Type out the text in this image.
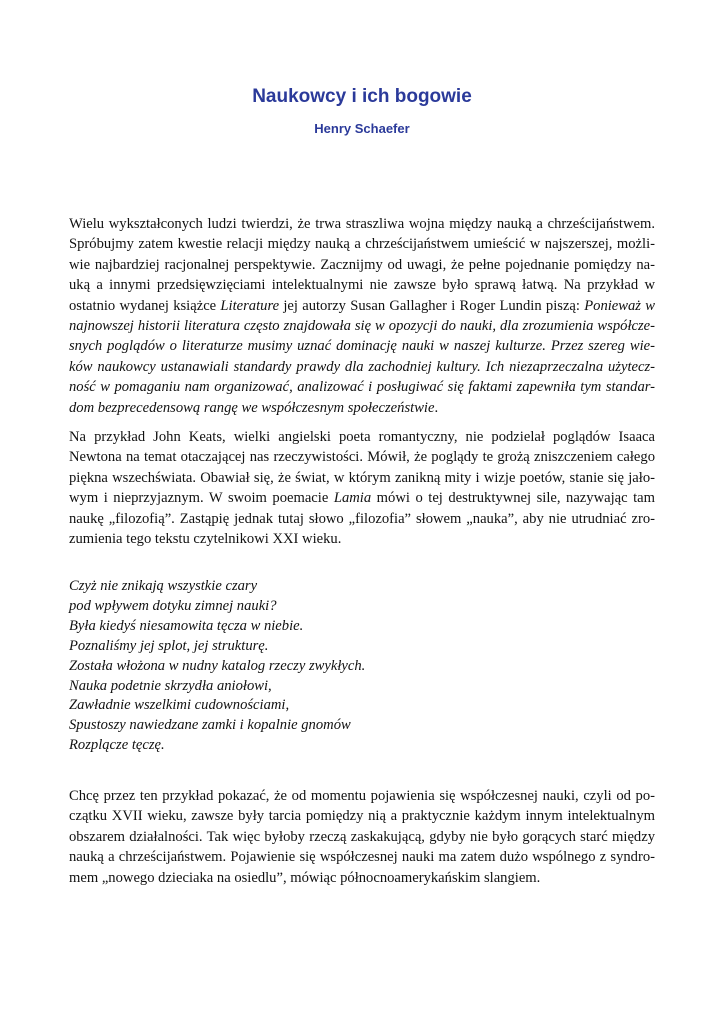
Naukowcy i ich bogowie
Henry Schaefer
Wielu wykształconych ludzi twierdzi, że trwa straszliwa wojna między nauką a chrześcijaństwem.
Spróbujmy zatem kwestie relacji między nauką a chrześcijaństwem umieścić w najszerszej, możli-
wie najbardziej racjonalnej perspektywie. Zacznijmy od uwagi, że pełne pojednanie pomiędzy na-
uką a innymi przedsięwzięciami intelektualnymi nie zawsze było sprawą łatwą. Na przykład w
ostatnio wydanej książce Literature jej autorzy Susan Gallagher i Roger Lundin piszą: Ponieważ w
najnowszej historii literatura często znajdowała się w opozycji do nauki, dla zrozumienia współcze-
snych poglądów o literaturze musimy uznać dominację nauki w naszej kulturze. Przez szereg wie-
ków naukowcy ustanawiali standardy prawdy dla zachodniej kultury. Ich niezaprzeczalna użytecz-
ność w pomaganiu nam organizować, analizować i posługiwać się faktami zapewniła tym standar-
dom bezprecedensową rangę we współczesnym społeczeństwie.
Na przykład John Keats, wielki angielski poeta romantyczny, nie podzielał poglądów Isaaca
Newtona na temat otaczającej nas rzeczywistości. Mówił, że poglądy te grożą zniszczeniem całego
piękna wszechświata. Obawiał się, że świat, w którym zanikną mity i wizje poetów, stanie się jało-
wym i nieprzyjaznym. W swoim poemacie Lamia mówi o tej destruktywnej sile, nazywając tam
naukę „filozofią”. Zastąpię jednak tutaj słowo „filozofia” słowem „nauka”, aby nie utrudniać zro-
zumienia tego tekstu czytelnikowi XXI wieku.
Czyż nie znikają wszystkie czary
pod wpływem dotyku zimnej nauki?
Była kiedyś niesamowita tęcza w niebie.
Poznaliśmy jej splot, jej strukturę.
Została włożona w nudny katalog rzeczy zwykłych.
Nauka podetnie skrzydła aniołowi,
Zawładnie wszelkimi cudownościami,
Spustoszy nawiedzane zamki i kopalnie gnomów
Rozplącze tęczę.
Chcę przez ten przykład pokazać, że od momentu pojawienia się współczesnej nauki, czyli od po-
czątku XVII wieku, zawsze były tarcia pomiędzy nią a praktycznie każdym innym intelektualnym
obszarem działalności. Tak więc byłoby rzeczą zaskakującą, gdyby nie było gorących starć między
nauką a chrześcijaństwem. Pojawienie się współczesnej nauki ma zatem dużo wspólnego z syndro-
mem „nowego dzieciaka na osiedlu”, mówiąc północnoamerykańskim slangiem.
